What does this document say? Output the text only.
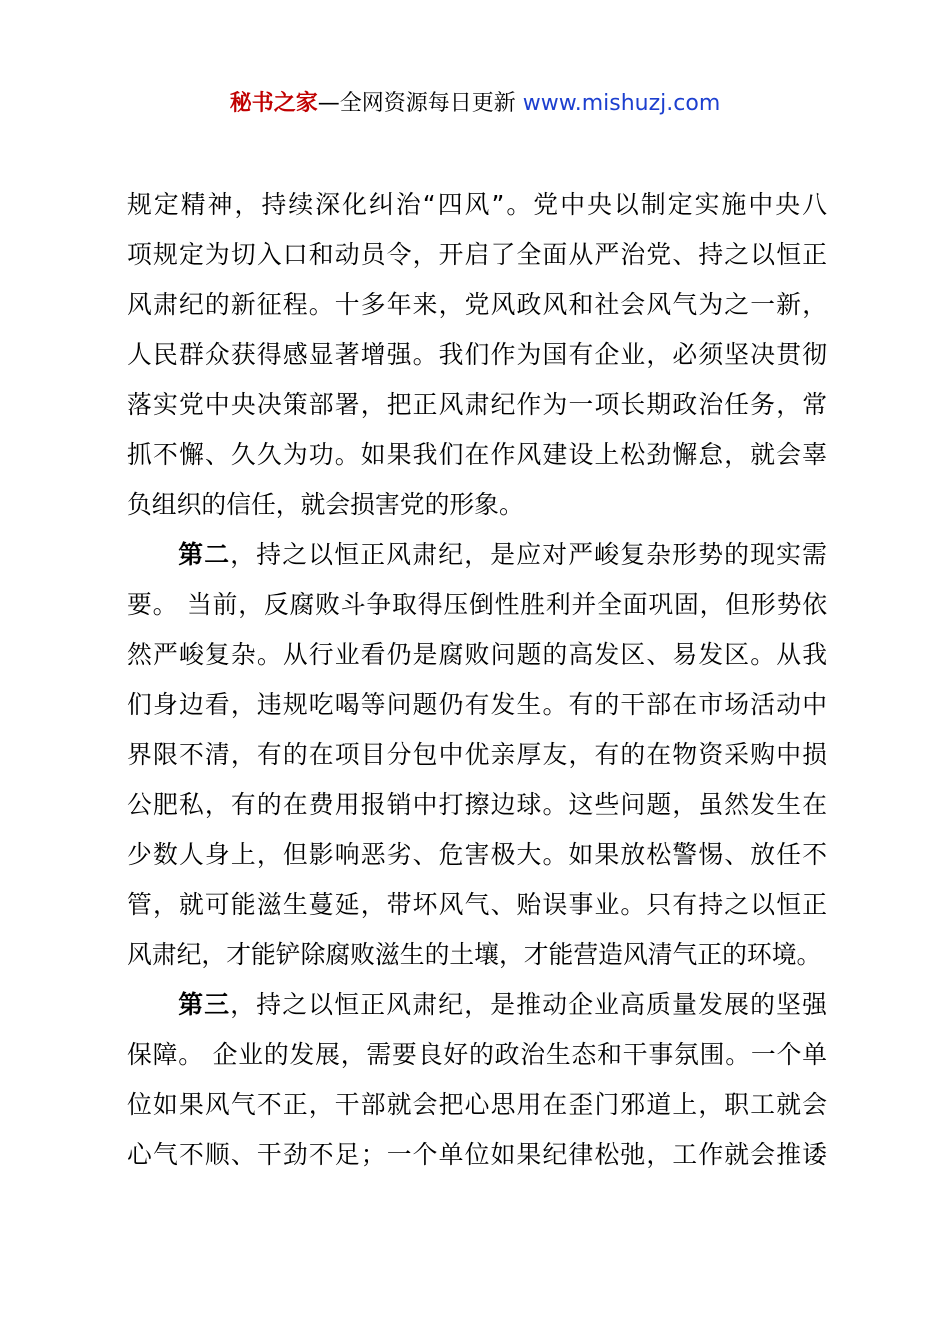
秘书之家—全网资源每日更新 www.mishuzj.com
规定精神，持续深化纠治“四风”。党中央以制定实施中央八
项规定为切入口和动员令，开启了全面从严治党、持之以恒正
风肃纪的新征程。十多年来，党风政风和社会风气为之一新，
人民群众获得感显著增强。我们作为国有企业，必须坚决贯彻
落实党中央决策部署，把正风肃纪作为一项长期政治任务，常
抓不懈、久久为功。如果我们在作风建设上松劲懈怠，就会辜
负组织的信任，就会损害党的形象。
第二，持之以恒正风肃纪，是应对严峻复杂形势的现实需
要。 当前，反腐败斗争取得压倒性胜利并全面巩固，但形势依
然严峻复杂。从行业看仍是腐败问题的高发区、易发区。从我
们身边看，违规吃喝等问题仍有发生。有的干部在市场活动中
界限不清，有的在项目分包中优亲厚友，有的在物资采购中损
公肥私，有的在费用报销中打擦边球。这些问题，虽然发生在
少数人身上，但影响恶劣、危害极大。如果放松警惕、放任不
管，就可能滋生蔓延，带坏风气、贻误事业。只有持之以恒正
风肃纪，才能铲除腐败滋生的土壤，才能营造风清气正的环境。
第三，持之以恒正风肃纪，是推动企业高质量发展的坚强
保障。 企业的发展，需要良好的政治生态和干事氛围。一个单
位如果风气不正，干部就会把心思用在歪门邪道上，职工就会
心气不顺、干劲不足；一个单位如果纪律松弛，工作就会推诿
